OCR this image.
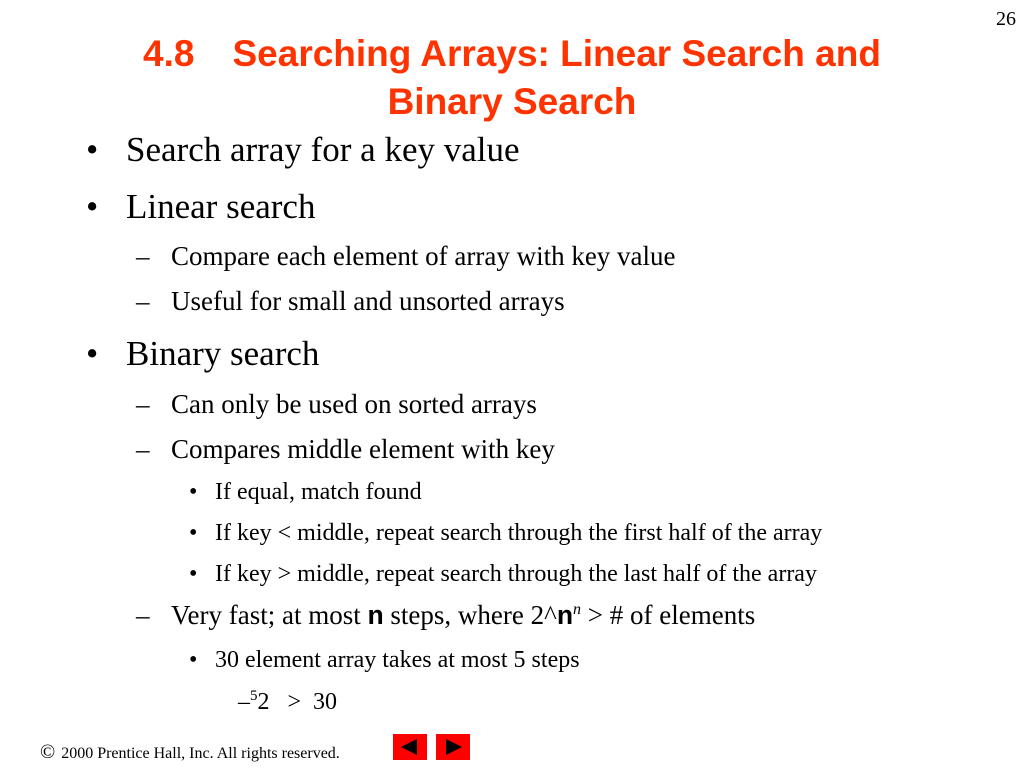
26
4.8 Searching Arrays: Linear Search and
Binary Search
• Search array for a key value
• Linear search
– Compare each element of array with key value
– Useful for small and unsorted arrays
• Binary search
– Can only be used on sorted arrays
– Compares middle element with key
• If equal, match found
• If key < middle, repeat search through the first half of the array
• If key > middle, repeat search through the last half of the array
– Very fast; at most n steps, where $2\^{}n^n$ > # of elements
• 30 element array takes at most 5 steps
–$^5$2   >  30
© 2000 Prentice Hall, Inc. All rights reserved.
